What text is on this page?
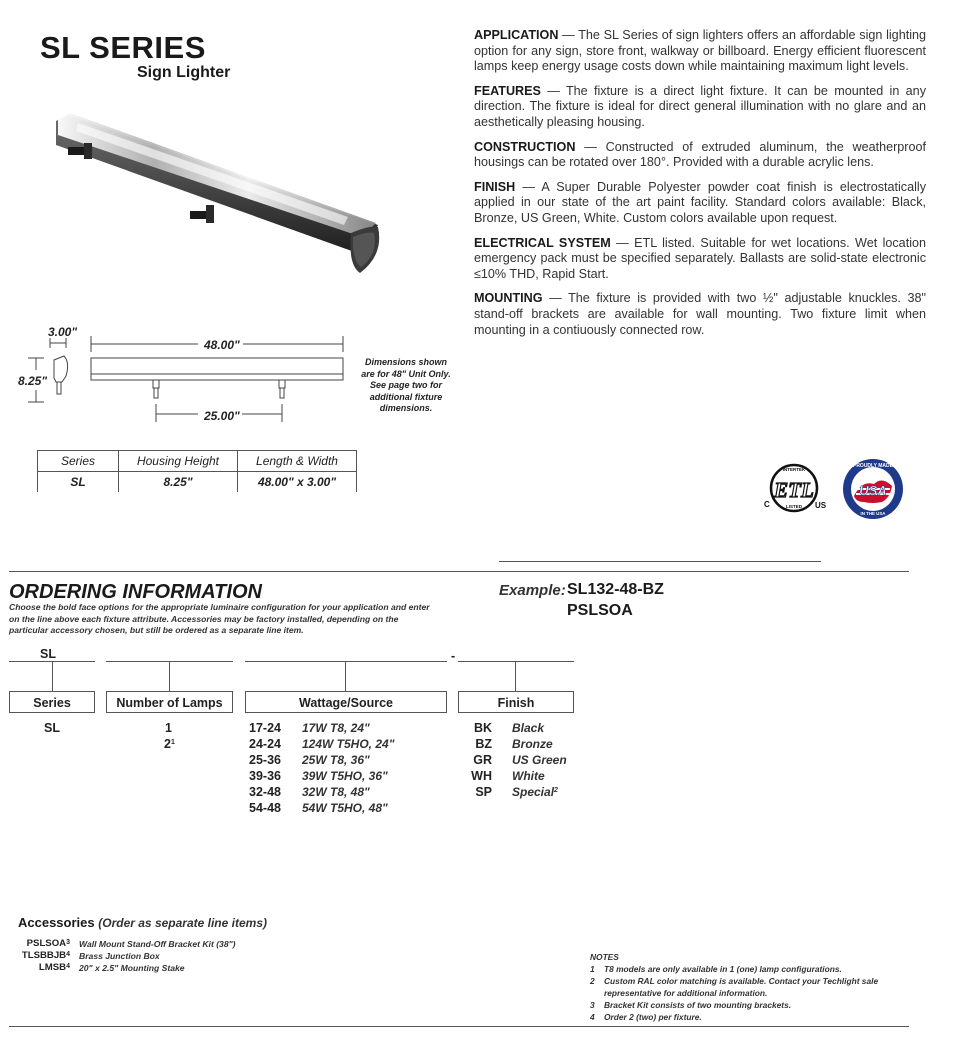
SL SERIES
Sign Lighter

APPLICATION — The SL Series of sign lighters offers an affordable sign lighting option for any sign, store front, walkway or billboard. Energy efficient fluorescent lamps keep energy usage costs down while maintaining maximum light levels.

FEATURES — The fixture is a direct light fixture. It can be mounted in any direction. The fixture is ideal for direct general illumination with no glare and an aesthetically pleasing housing.

CONSTRUCTION — Constructed of extruded aluminum, the weatherproof housings can be rotated over 180°. Provided with a durable acrylic lens.

FINISH — A Super Durable Polyester powder coat finish is electrostatically applied in our state of the art paint facility. Standard colors available: Black, Bronze, US Green, White. Custom colors available upon request.

ELECTRICAL SYSTEM — ETL listed. Suitable for wet locations. Wet location emergency pack must be specified separately. Ballasts are solid-state electronic ≤10% THD, Rapid Start.

MOUNTING — The fixture is provided with two ½" adjustable knuckles. 38" stand-off brackets are available for wall mounting. Two fixture limit when mounting in a contiuously connected row.

3.00"
8.25"
48.00"
25.00"
Dimensions shown are for 48" Unit Only. See page two for additional fixture dimensions.
Series	Housing Height	Length & Width
SL	8.25"	48.00" x 3.00"
INTERTEK
ETL
LISTED
C	US
USA
PROUDLY MADE
IN THE USA
ORDERING INFORMATION
Choose the bold face options for the appropriate luminaire configuration for your application and enter on the line above each fixture attribute. Accessories may be factory installed, depending on the particular accessory chosen, but still be ordered as a separate line item.
Example: SL132-48-BZ
PSLSOA
SL	-
Series	Number of Lamps	Wattage/Source	Finish
SL	1
$2^1$
17-24 17W T8, 24"
24-24 124W T5HO, 24"
25-36 25W T8, 36"
39-36 39W T5HO, 36"
32-48 32W T8, 48"
54-48 54W T5HO, 48"
BK Black
BZ Bronze
GR US Green
WH White
SP Special$^2$
Accessories (Order as separate line items)
PSLSOA$^3$ Wall Mount Stand-Off Bracket Kit (38")
TLSBBJB$^4$ Brass Junction Box
LMSB$^4$ 20" x 2.5" Mounting Stake
NOTES
1	T8 models are only available in 1 (one) lamp configurations.
2	Custom RAL color matching is available. Contact your Techlight sale representative for additional information.
3	Bracket Kit consists of two mounting brackets.
4	Order 2 (two) per fixture.
